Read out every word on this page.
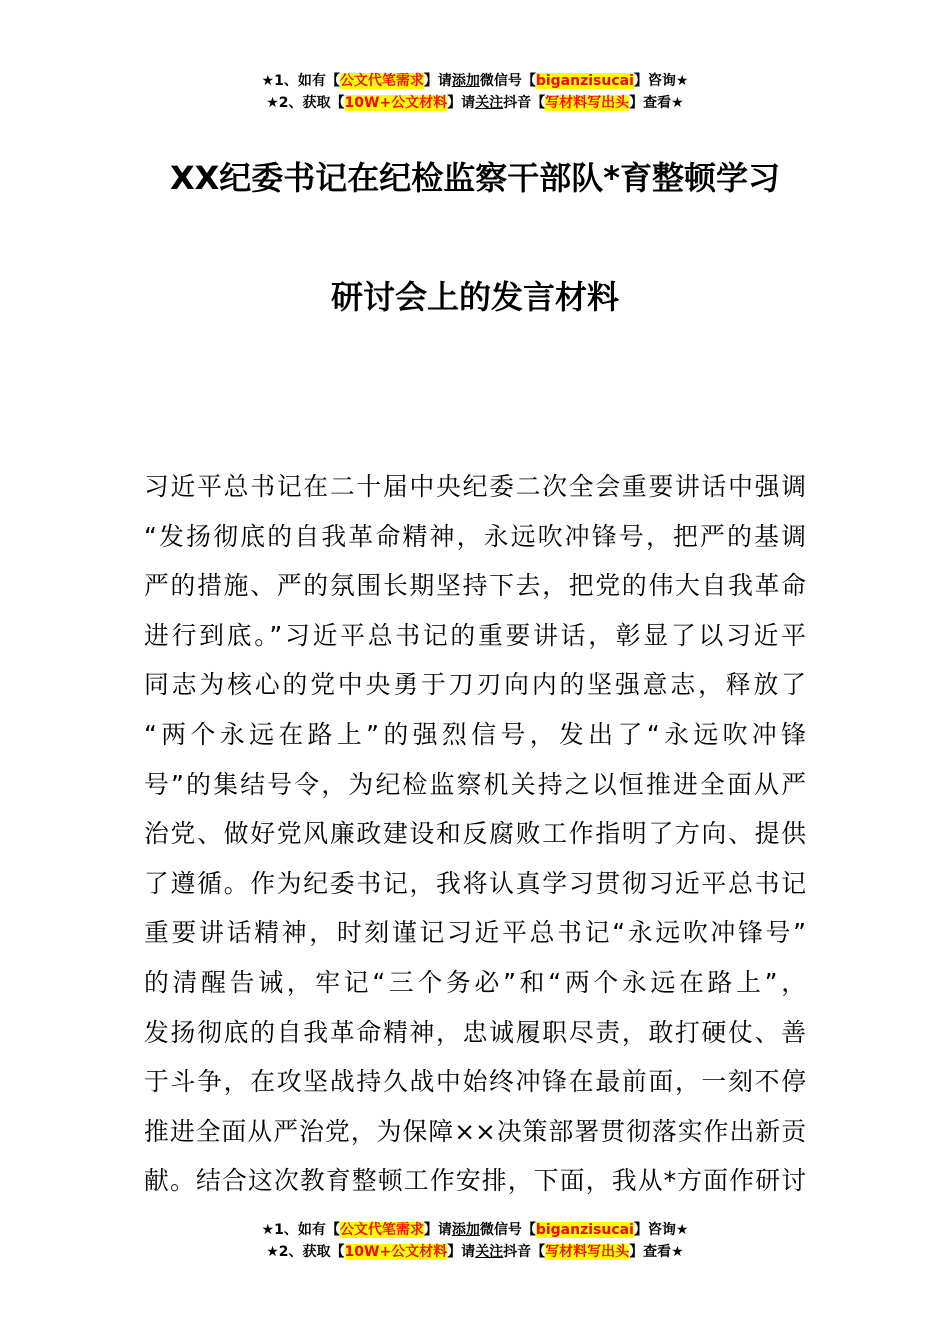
★1、如有【公文代笔需求】请添加微信号【biganzisucai】咨询★
★2、获取【10W+公文材料】请关注抖音【写材料写出头】查看★
XX纪委书记在纪检监察干部队*育整顿学习
研讨会上的发言材料
习近平总书记在二十届中央纪委二次全会重要讲话中强调
“发扬彻底的自我革命精神，永远吹冲锋号，把严的基调
严的措施、严的氛围长期坚持下去，把党的伟大自我革命
进行到底。”习近平总书记的重要讲话，彰显了以习近平
同志为核心的党中央勇于刀刃向内的坚强意志，释放了
“两个永远在路上”的强烈信号，发出了“永远吹冲锋
号”的集结号令，为纪检监察机关持之以恒推进全面从严
治党、做好党风廉政建设和反腐败工作指明了方向、提供
了遵循。作为纪委书记，我将认真学习贯彻习近平总书记
重要讲话精神，时刻谨记习近平总书记“永远吹冲锋号”
的清醒告诫，牢记“三个务必”和“两个永远在路上”，
发扬彻底的自我革命精神，忠诚履职尽责，敢打硬仗、善
于斗争，在攻坚战持久战中始终冲锋在最前面，一刻不停
推进全面从严治党，为保障××决策部署贯彻落实作出新贡
献。结合这次教育整顿工作安排，下面，我从*方面作研讨
★1、如有【公文代笔需求】请添加微信号【biganzisucai】咨询★
★2、获取【10W+公文材料】请关注抖音【写材料写出头】查看★
